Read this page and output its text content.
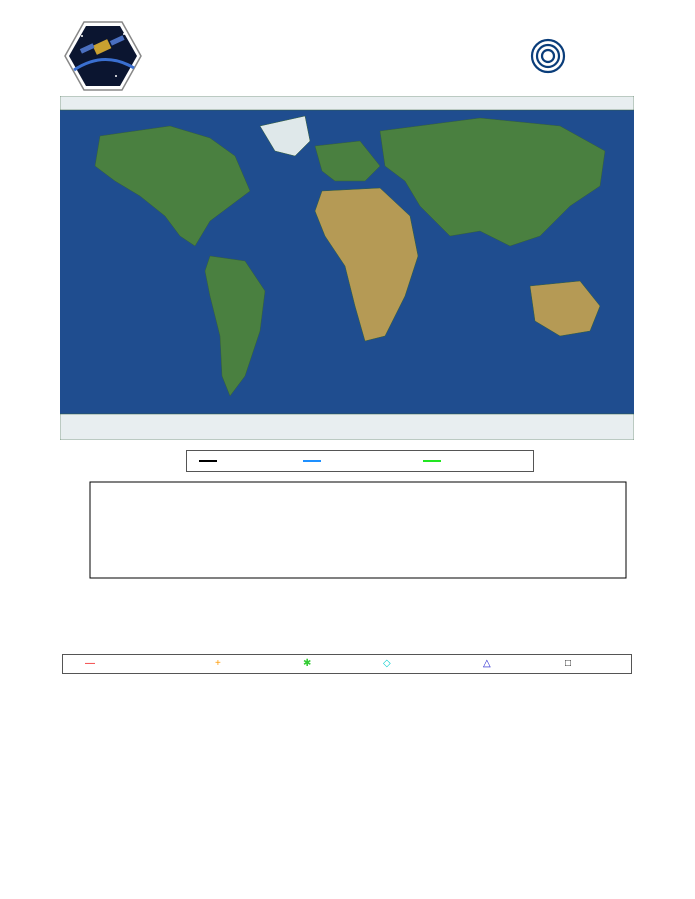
—	+	✱	◇	△	□
